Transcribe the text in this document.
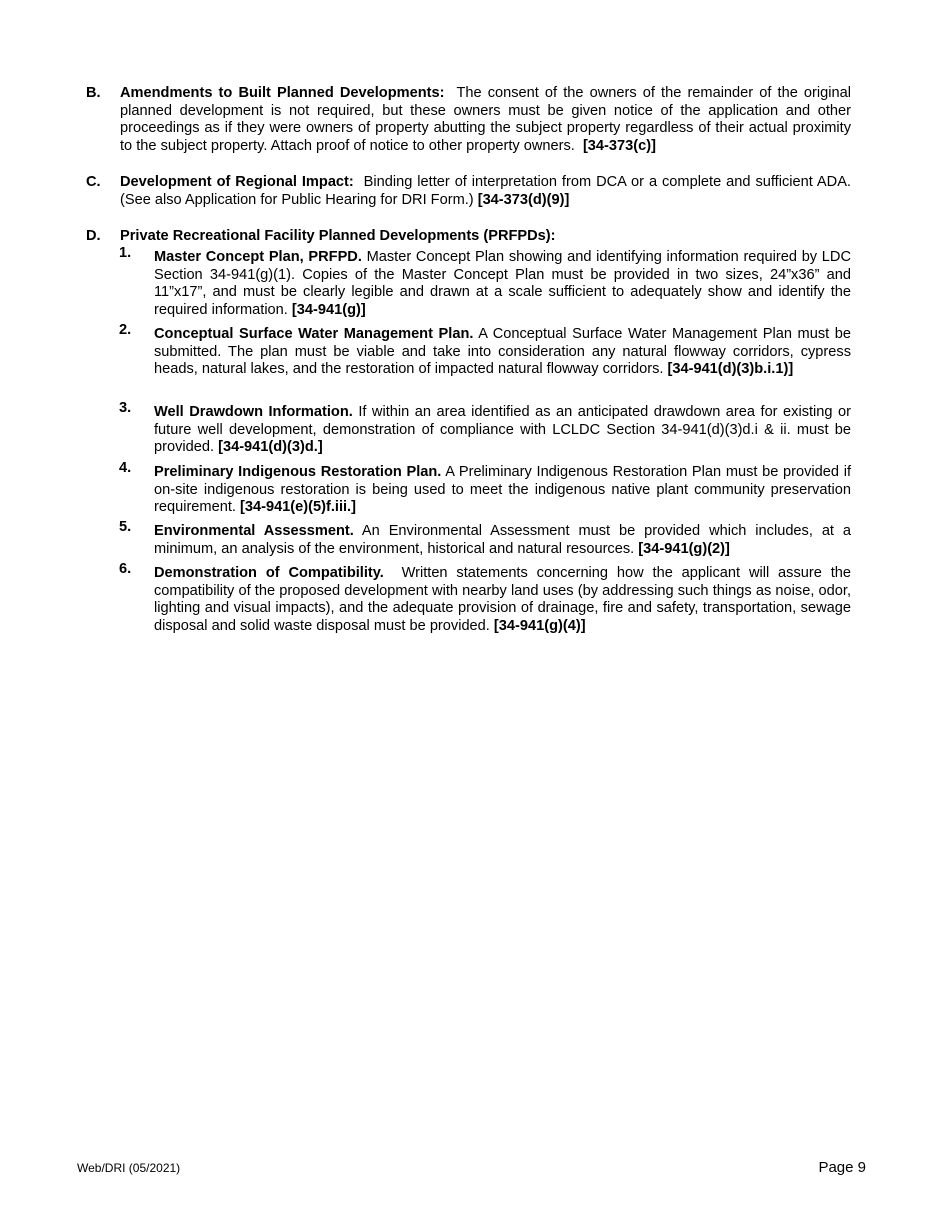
B. Amendments to Built Planned Developments: The consent of the owners of the remainder of the original planned development is not required, but these owners must be given notice of the application and other proceedings as if they were owners of property abutting the subject property regardless of their actual proximity to the subject property. Attach proof of notice to other property owners. [34-373(c)]
C. Development of Regional Impact: Binding letter of interpretation from DCA or a complete and sufficient ADA. (See also Application for Public Hearing for DRI Form.) [34-373(d)(9)]
D. Private Recreational Facility Planned Developments (PRFPDs):
1. Master Concept Plan, PRFPD. Master Concept Plan showing and identifying information required by LDC Section 34-941(g)(1). Copies of the Master Concept Plan must be provided in two sizes, 24”x36” and 11”x17”, and must be clearly legible and drawn at a scale sufficient to adequately show and identify the required information. [34-941(g)]
2. Conceptual Surface Water Management Plan. A Conceptual Surface Water Management Plan must be submitted. The plan must be viable and take into consideration any natural flowway corridors, cypress heads, natural lakes, and the restoration of impacted natural flowway corridors. [34-941(d)(3)b.i.1)]
3. Well Drawdown Information. If within an area identified as an anticipated drawdown area for existing or future well development, demonstration of compliance with LCLDC Section 34-941(d)(3)d.i & ii. must be provided. [34-941(d)(3)d.]
4. Preliminary Indigenous Restoration Plan. A Preliminary Indigenous Restoration Plan must be provided if on-site indigenous restoration is being used to meet the indigenous native plant community preservation requirement. [34-941(e)(5)f.iii.]
5. Environmental Assessment. An Environmental Assessment must be provided which includes, at a minimum, an analysis of the environment, historical and natural resources. [34-941(g)(2)]
6. Demonstration of Compatibility. Written statements concerning how the applicant will assure the compatibility of the proposed development with nearby land uses (by addressing such things as noise, odor, lighting and visual impacts), and the adequate provision of drainage, fire and safety, transportation, sewage disposal and solid waste disposal must be provided. [34-941(g)(4)]
Web/DRI (05/2021)	Page 9
